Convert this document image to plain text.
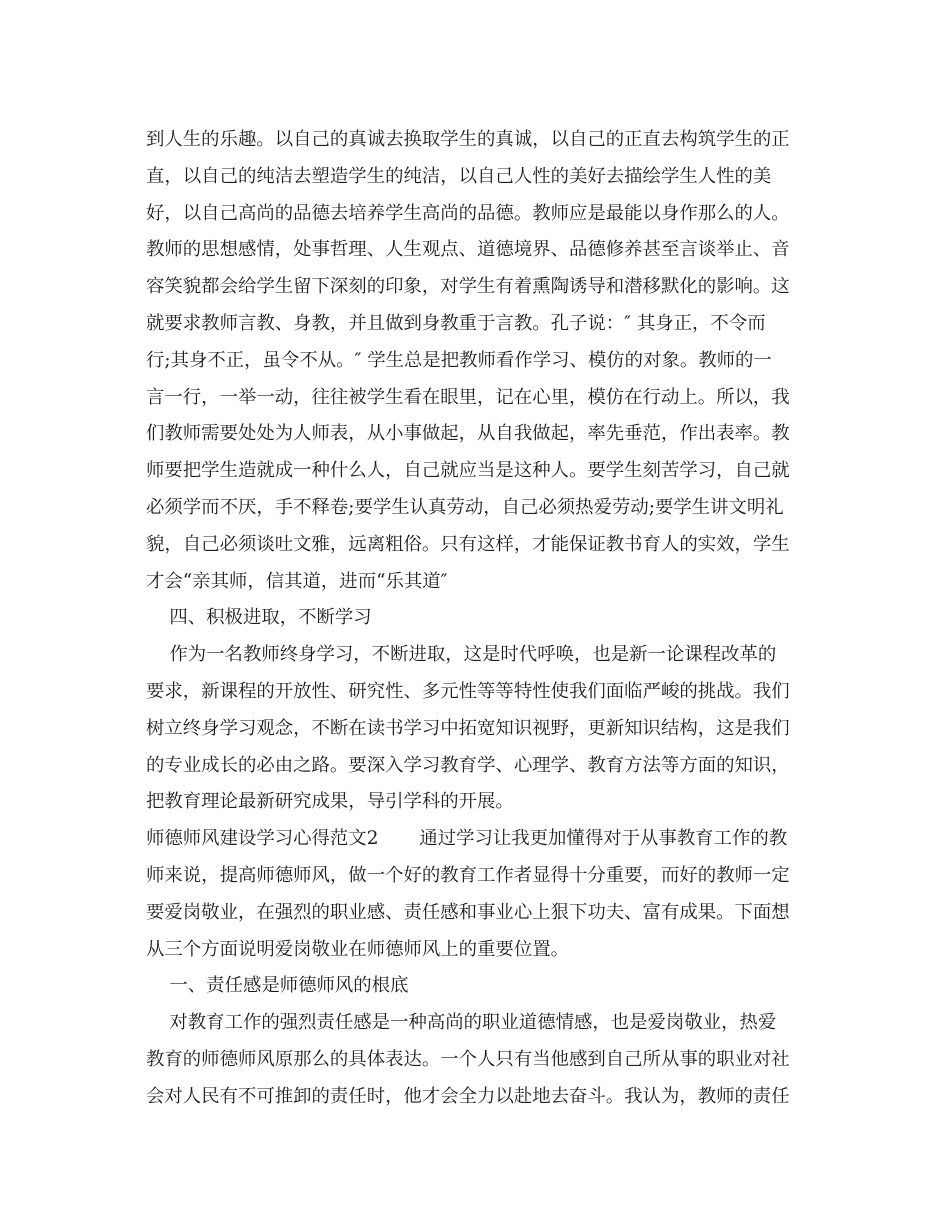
到人生的乐趣。以自己的真诚去换取学生的真诚，以自己的正直去构筑学生的正
直，以自己的纯洁去塑造学生的纯洁，以自己人性的美好去描绘学生人性的美
好，以自己高尚的品德去培养学生高尚的品德。教师应是最能以身作那么的人。
教师的思想感情，处事哲理、人生观点、道德境界、品德修养甚至言谈举止、音
容笑貌都会给学生留下深刻的印象，对学生有着熏陶诱导和潜移默化的影响。这
就要求教师言教、身教，并且做到身教重于言教。孔子说：″ 其身正，不令而
行;其身不正，虽令不从。″ 学生总是把教师看作学习、模仿的对象。教师的一
言一行，一举一动，往往被学生看在眼里，记在心里，模仿在行动上。所以，我
们教师需要处处为人师表，从小事做起，从自我做起，率先垂范，作出表率。教
师要把学生造就成一种什么人，自己就应当是这种人。要学生刻苦学习，自己就
必须学而不厌，手不释卷;要学生认真劳动，自己必须热爱劳动;要学生讲文明礼
貌，自己必须谈吐文雅，远离粗俗。只有这样，才能保证教书育人的实效，学生
才会“亲其师，信其道，进而“乐其道″
四、积极进取，不断学习
作为一名教师终身学习，不断进取，这是时代呼唤，也是新一论课程改革的
要求，新课程的开放性、研究性、多元性等等特性使我们面临严峻的挑战。我们
树立终身学习观念，不断在读书学习中拓宽知识视野，更新知识结构，这是我们
的专业成长的必由之路。要深入学习教育学、心理学、教育方法等方面的知识，
把教育理论最新研究成果，导引学科的开展。
师德师风建设学习心得范文2       通过学习让我更加懂得对于从事教育工作的教
师来说，提高师德师风，做一个好的教育工作者显得十分重要，而好的教师一定
要爱岗敬业，在强烈的职业感、责任感和事业心上狠下功夫、富有成果。下面想
从三个方面说明爱岗敬业在师德师风上的重要位置。
一、责任感是师德师风的根底
对教育工作的强烈责任感是一种高尚的职业道德情感，也是爱岗敬业，热爱
教育的师德师风原那么的具体表达。一个人只有当他感到自己所从事的职业对社
会对人民有不可推卸的责任时，他才会全力以赴地去奋斗。我认为，教师的责任
